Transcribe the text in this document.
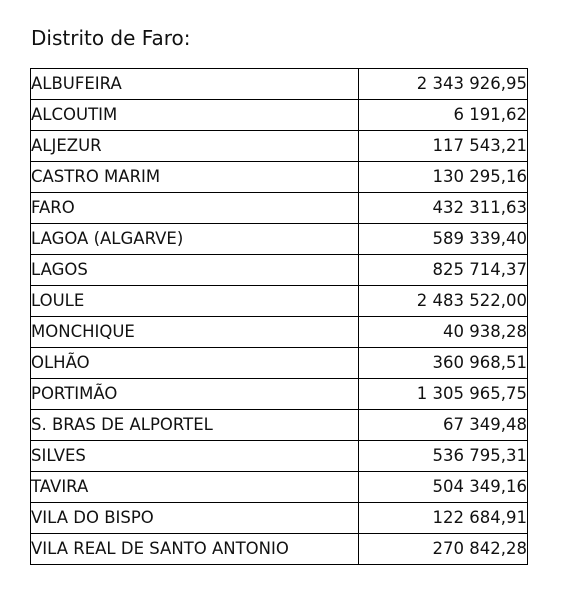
Distrito de Faro:
ALBUFEIRA	2 343 926,95
ALCOUTIM	6 191,62
ALJEZUR	117 543,21
CASTRO MARIM	130 295,16
FARO	432 311,63
LAGOA (ALGARVE)	589 339,40
LAGOS	825 714,37
LOULE	2 483 522,00
MONCHIQUE	40 938,28
OLHÃO	360 968,51
PORTIMÃO	1 305 965,75
S. BRAS DE ALPORTEL	67 349,48
SILVES	536 795,31
TAVIRA	504 349,16
VILA DO BISPO	122 684,91
VILA REAL DE SANTO ANTONIO	270 842,28
